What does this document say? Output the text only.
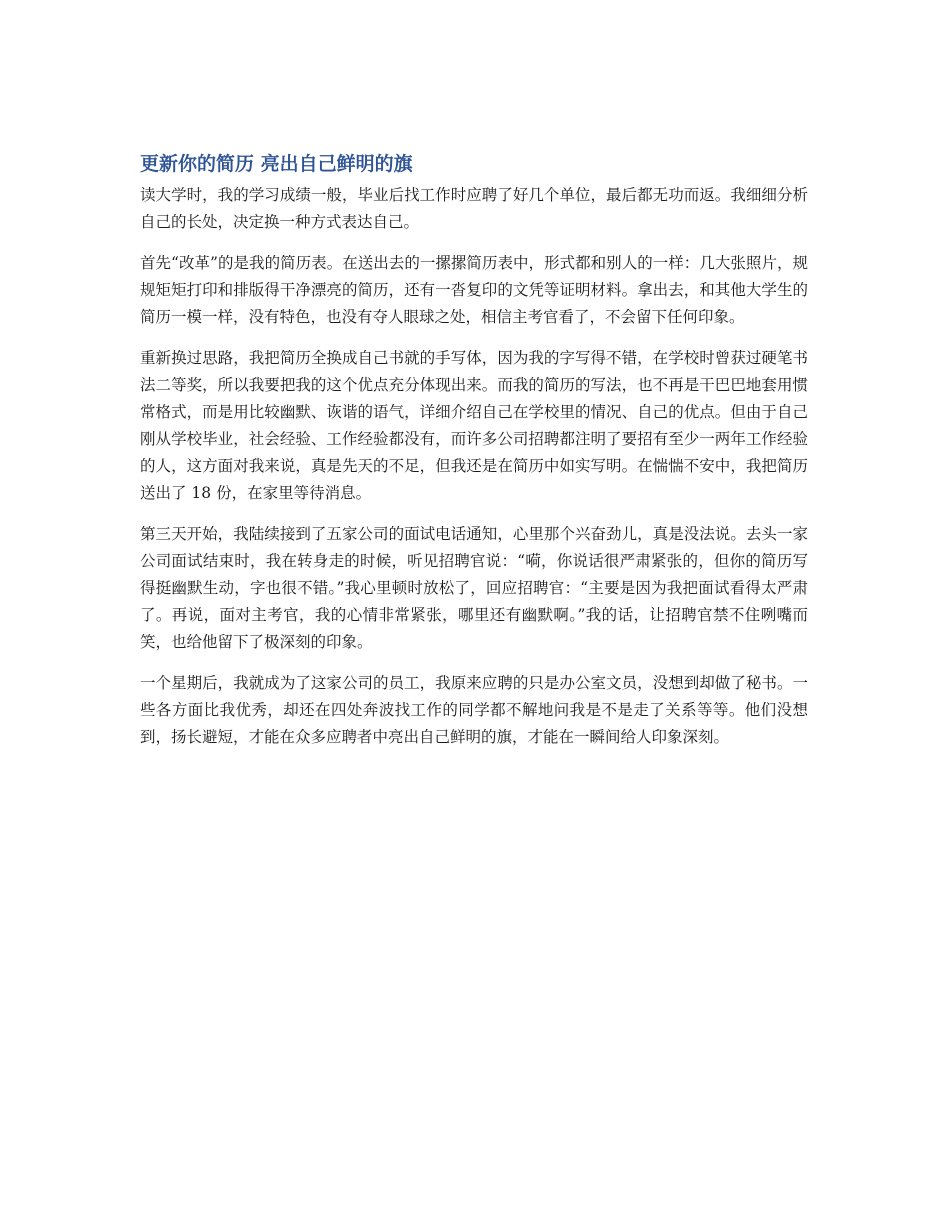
更新你的简历 亮出自己鲜明的旗

读大学时，我的学习成绩一般，毕业后找工作时应聘了好几个单位，最后都无功而返。我细细分析自己的长处，决定换一种方式表达自己。

首先“改革”的是我的简历表。在送出去的一摞摞简历表中，形式都和别人的一样：几大张照片，规规矩矩打印和排版得干净漂亮的简历，还有一沓复印的文凭等证明材料。拿出去，和其他大学生的简历一模一样，没有特色，也没有夺人眼球之处，相信主考官看了，不会留下任何印象。

重新换过思路，我把简历全换成自己书就的手写体，因为我的字写得不错，在学校时曾获过硬笔书法二等奖，所以我要把我的这个优点充分体现出来。而我的简历的写法，也不再是干巴巴地套用惯常格式，而是用比较幽默、诙谐的语气，详细介绍自己在学校里的情况、自己的优点。但由于自己刚从学校毕业，社会经验、工作经验都没有，而许多公司招聘都注明了要招有至少一两年工作经验的人，这方面对我来说，真是先天的不足，但我还是在简历中如实写明。在惴惴不安中，我把简历送出了 18 份，在家里等待消息。

第三天开始，我陆续接到了五家公司的面试电话通知，心里那个兴奋劲儿，真是没法说。去头一家公司面试结束时，我在转身走的时候，听见招聘官说：“嗬，你说话很严肃紧张的，但你的简历写得挺幽默生动，字也很不错。”我心里顿时放松了，回应招聘官：“主要是因为我把面试看得太严肃了。再说，面对主考官，我的心情非常紧张，哪里还有幽默啊。”我的话，让招聘官禁不住咧嘴而笑，也给他留下了极深刻的印象。

一个星期后，我就成为了这家公司的员工，我原来应聘的只是办公室文员，没想到却做了秘书。一些各方面比我优秀，却还在四处奔波找工作的同学都不解地问我是不是走了关系等等。他们没想到，扬长避短，才能在众多应聘者中亮出自己鲜明的旗，才能在一瞬间给人印象深刻。
